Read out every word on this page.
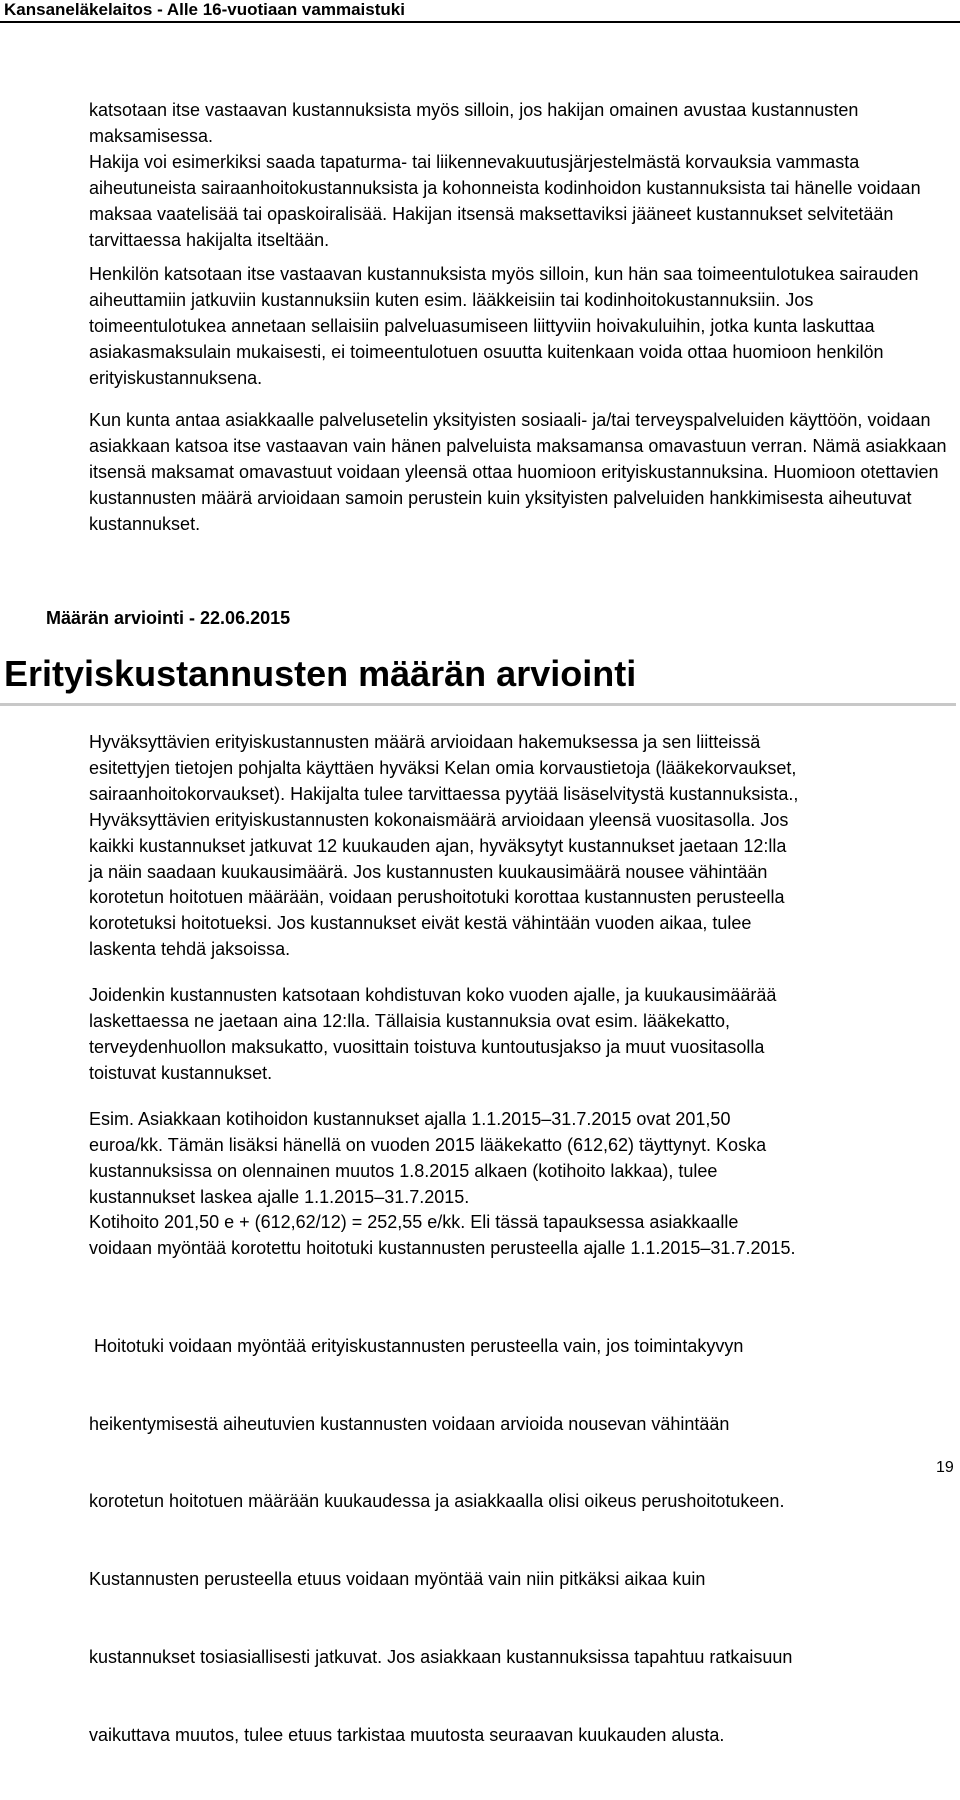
Kansaneläkelaitos - Alle 16-vuotiaan vammaistuki

katsotaan itse vastaavan kustannuksista myös silloin, jos hakijan omainen avustaa kustannusten maksamisessa.

Hakija voi esimerkiksi saada tapaturma- tai liikennevakuutusjärjestelmästä korvauksia vammasta aiheutuneista sairaanhoitokustannuksista ja kohonneista kodinhoidon kustannuksista tai hänelle voidaan maksaa vaatelisää tai opaskoiralisää. Hakijan itsensä maksettaviksi jääneet kustannukset selvitetään tarvittaessa hakijalta itseltään.

Henkilön katsotaan itse vastaavan kustannuksista myös silloin, kun hän saa toimeentulotukea sairauden aiheuttamiin jatkuviin kustannuksiin kuten esim. lääkkeisiin tai kodinhoitokustannuksiin. Jos toimeentulotukea annetaan sellaisiin palveluasumiseen liittyviin hoivakuluihin, jotka kunta laskuttaa asiakasmaksulain mukaisesti, ei toimeentulotuen osuutta kuitenkaan voida ottaa huomioon henkilön erityiskustannuksena.

Kun kunta antaa asiakkaalle palvelusetelin yksityisten sosiaali- ja/tai terveyspalveluiden käyttöön, voidaan asiakkaan katsoa itse vastaavan vain hänen palveluista maksamansa omavastuun verran. Nämä asiakkaan itsensä maksamat omavastuut voidaan yleensä ottaa huomioon erityiskustannuksina. Huomioon otettavien kustannusten määrä arvioidaan samoin perustein kuin yksityisten palveluiden hankkimisesta aiheutuvat kustannukset.

Määrän arviointi - 22.06.2015
Erityiskustannusten määrän arviointi
Hyväksyttävien erityiskustannusten määrä arvioidaan hakemuksessa ja sen liitteissä
esitettyjen tietojen pohjalta käyttäen hyväksi Kelan omia korvaustietoja (lääkekorvaukset,
sairaanhoitokorvaukset). Hakijalta tulee tarvittaessa pyytää lisäselvitystä kustannuksista.,
Hyväksyttävien erityiskustannusten kokonaismäärä arvioidaan yleensä vuositasolla. Jos
kaikki kustannukset jatkuvat 12 kuukauden ajan, hyväksytyt kustannukset jaetaan 12:lla
ja näin saadaan kuukausimäärä. Jos kustannusten kuukausimäärä nousee vähintään
korotetun hoitotuen määrään, voidaan perushoitotuki korottaa kustannusten perusteella
korotetuksi hoitotueksi. Jos kustannukset eivät kestä vähintään vuoden aikaa, tulee
laskenta tehdä jaksoissa.
Joidenkin kustannusten katsotaan kohdistuvan koko vuoden ajalle, ja kuukausimäärää
laskettaessa ne jaetaan aina 12:lla. Tällaisia kustannuksia ovat esim. lääkekatto,
terveydenhuollon maksukatto, vuosittain toistuva kuntoutusjakso ja muut vuositasolla
toistuvat kustannukset.
Esim. Asiakkaan kotihoidon kustannukset ajalla 1.1.2015–31.7.2015 ovat 201,50
euroa/kk. Tämän lisäksi hänellä on vuoden 2015 lääkekatto (612,62) täyttynyt. Koska
kustannuksissa on olennainen muutos 1.8.2015 alkaen (kotihoito lakkaa), tulee
kustannukset laskea ajalle 1.1.2015–31.7.2015.
Kotihoito 201,50 e + (612,62/12) = 252,55 e/kk. Eli tässä tapauksessa asiakkaalle
voidaan myöntää korotettu hoitotuki kustannusten perusteella ajalle 1.1.2015–31.7.2015.

Hoitotuki voidaan myöntää erityiskustannusten perusteella vain, jos toimintakyvyn

heikentymisestä aiheutuvien kustannusten voidaan arvioida nousevan vähintään

korotetun hoitotuen määrään kuukaudessa ja asiakkaalla olisi oikeus perushoitotukeen.

Kustannusten perusteella etuus voidaan myöntää vain niin pitkäksi aikaa kuin

kustannukset tosiasiallisesti jatkuvat. Jos asiakkaan kustannuksissa tapahtuu ratkaisuun

vaikuttava muutos, tulee etuus tarkistaa muutosta seuraavan kuukauden alusta.

19
